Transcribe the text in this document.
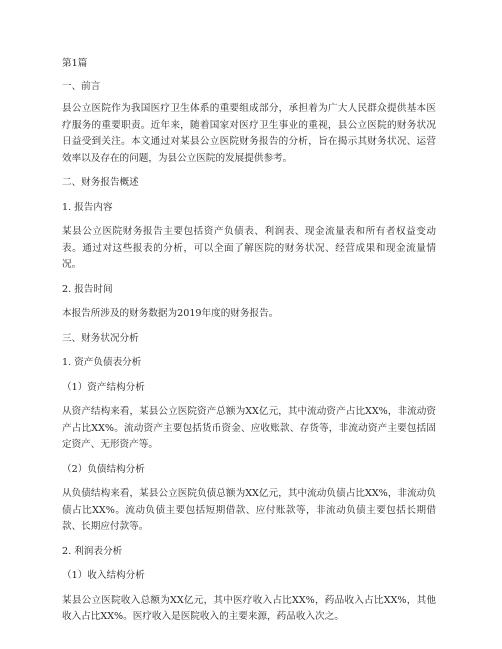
第1篇

一、前言

县公立医院作为我国医疗卫生体系的重要组成部分，承担着为广大人民群众提供基本医疗服务的重要职责。近年来，随着国家对医疗卫生事业的重视，县公立医院的财务状况日益受到关注。本文通过对某县公立医院财务报告的分析，旨在揭示其财务状况、运营效率以及存在的问题，为县公立医院的发展提供参考。

二、财务报告概述

1. 报告内容

某县公立医院财务报告主要包括资产负债表、利润表、现金流量表和所有者权益变动表。通过对这些报表的分析，可以全面了解医院的财务状况、经营成果和现金流量情况。

2. 报告时间

本报告所涉及的财务数据为2019年度的财务报告。

三、财务状况分析

1. 资产负债表分析

（1）资产结构分析

从资产结构来看，某县公立医院资产总额为XX亿元，其中流动资产占比XX%，非流动资产占比XX%。流动资产主要包括货币资金、应收账款、存货等，非流动资产主要包括固定资产、无形资产等。

（2）负债结构分析

从负债结构来看，某县公立医院负债总额为XX亿元，其中流动负债占比XX%，非流动负债占比XX%。流动负债主要包括短期借款、应付账款等，非流动负债主要包括长期借款、长期应付款等。

2. 利润表分析

（1）收入结构分析

某县公立医院收入总额为XX亿元，其中医疗收入占比XX%，药品收入占比XX%，其他收入占比XX%。医疗收入是医院收入的主要来源，药品收入次之。
